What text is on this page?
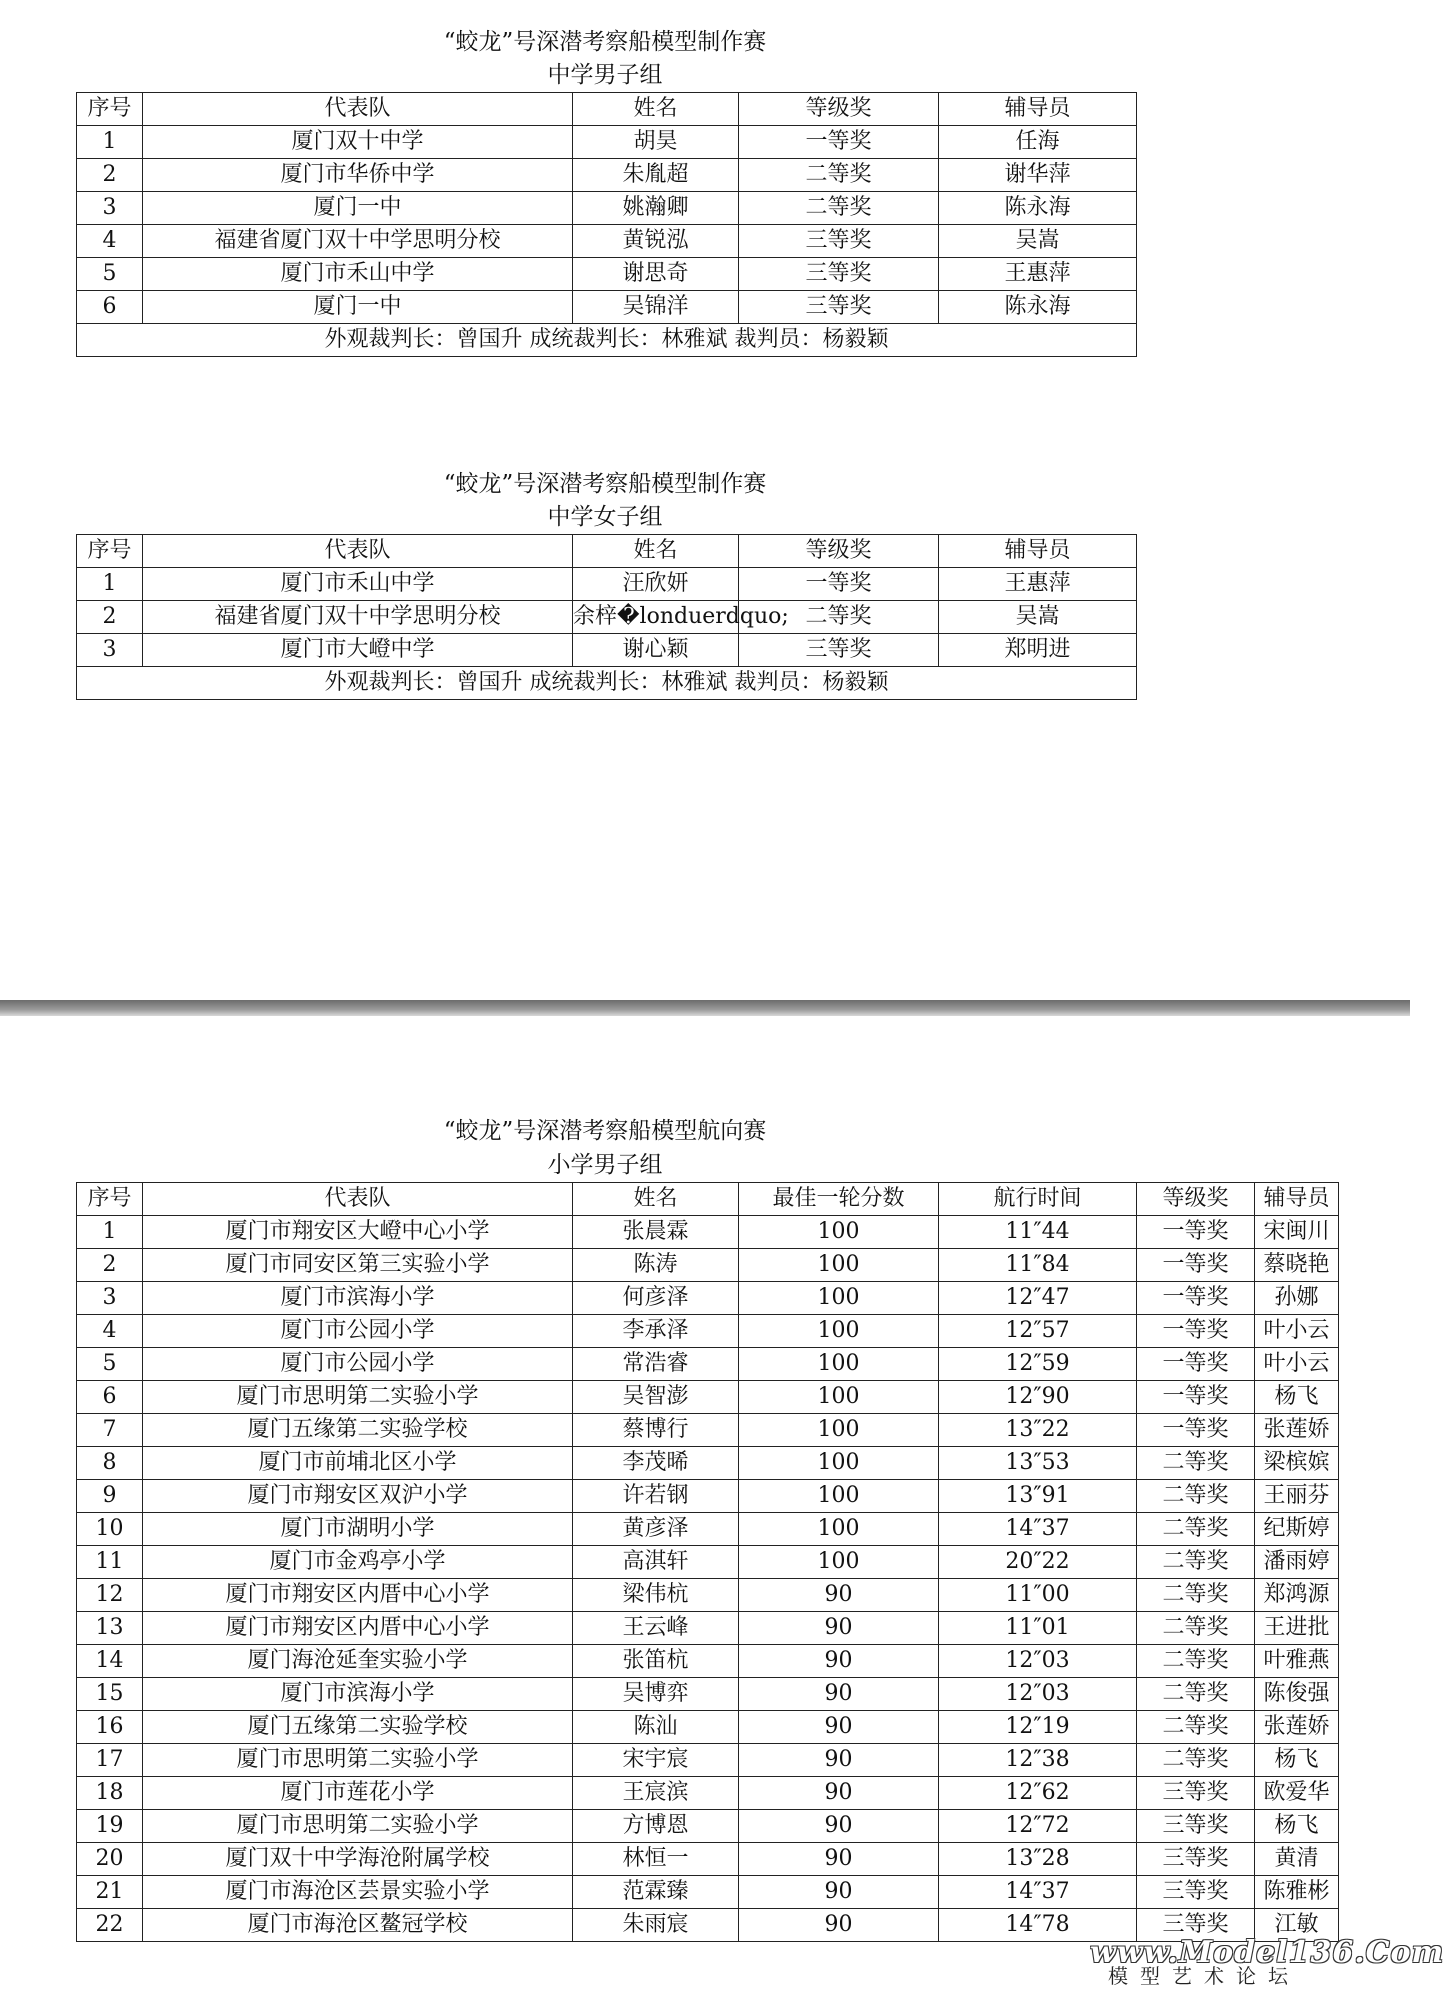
“蛟龙”号深潜考察船模型制作赛
中学男子组
序号	代表队	姓名	等级奖	辅导员
1	厦门双十中学	胡昊	一等奖	任海
2	厦门市华侨中学	朱胤超	二等奖	谢华萍
3	厦门一中	姚瀚卿	二等奖	陈永海
4	福建省厦门双十中学思明分校	黄锐泓	三等奖	吴嵩
5	厦门市禾山中学	谢思奇	三等奖	王惠萍
6	厦门一中	吴锦洋	三等奖	陈永海
外观裁判长：曾国升 成统裁判长：林雅斌 裁判员：杨毅颖				
“蛟龙”号深潜考察船模型制作赛
中学女子组
序号	代表队	姓名	等级奖	辅导员
1	厦门市禾山中学	汪欣妍	一等奖	王惠萍
2	福建省厦门双十中学思明分校	余梓�londuerdquo;	二等奖	吴嵩
3	厦门市大嶝中学	谢心颖	三等奖	郑明进
外观裁判长：曾国升 成统裁判长：林雅斌 裁判员：杨毅颖				
“蛟龙”号深潜考察船模型航向赛
小学男子组
序号	代表队	姓名	最佳一轮分数	航行时间	等级奖	辅导员
1	厦门市翔安区大嶝中心小学	张晨霖	100	11″44	一等奖	宋闽川
2	厦门市同安区第三实验小学	陈涛	100	11″84	一等奖	蔡晓艳
3	厦门市滨海小学	何彦泽	100	12″47	一等奖	孙娜
4	厦门市公园小学	李承泽	100	12″57	一等奖	叶小云
5	厦门市公园小学	常浩睿	100	12″59	一等奖	叶小云
6	厦门市思明第二实验小学	吴智澎	100	12″90	一等奖	杨飞
7	厦门五缘第二实验学校	蔡博行	100	13″22	一等奖	张莲娇
8	厦门市前埔北区小学	李茂晞	100	13″53	二等奖	梁槟嫔
9	厦门市翔安区双沪小学	许若钢	100	13″91	二等奖	王丽芬
10	厦门市湖明小学	黄彦泽	100	14″37	二等奖	纪斯婷
11	厦门市金鸡亭小学	高淇轩	100	20″22	二等奖	潘雨婷
12	厦门市翔安区内厝中心小学	梁伟杭	90	11″00	二等奖	郑鸿源
13	厦门市翔安区内厝中心小学	王云峰	90	11″01	二等奖	王进批
14	厦门海沧延奎实验小学	张笛杭	90	12″03	二等奖	叶雅燕
15	厦门市滨海小学	吴博弈	90	12″03	二等奖	陈俊强
16	厦门五缘第二实验学校	陈汕	90	12″19	二等奖	张莲娇
17	厦门市思明第二实验小学	宋宇宸	90	12″38	二等奖	杨飞
18	厦门市莲花小学	王宸滨	90	12″62	三等奖	欧爱华
19	厦门市思明第二实验小学	方博恩	90	12″72	三等奖	杨飞
20	厦门双十中学海沧附属学校	林恒一	90	13″28	三等奖	黄清
21	厦门市海沧区芸景实验小学	范霖臻	90	14″37	三等奖	陈雅彬
22	厦门市海沧区鳌冠学校	朱雨宸	90	14″78	三等奖	江敏
www.Model136.Com
模型艺术论坛
